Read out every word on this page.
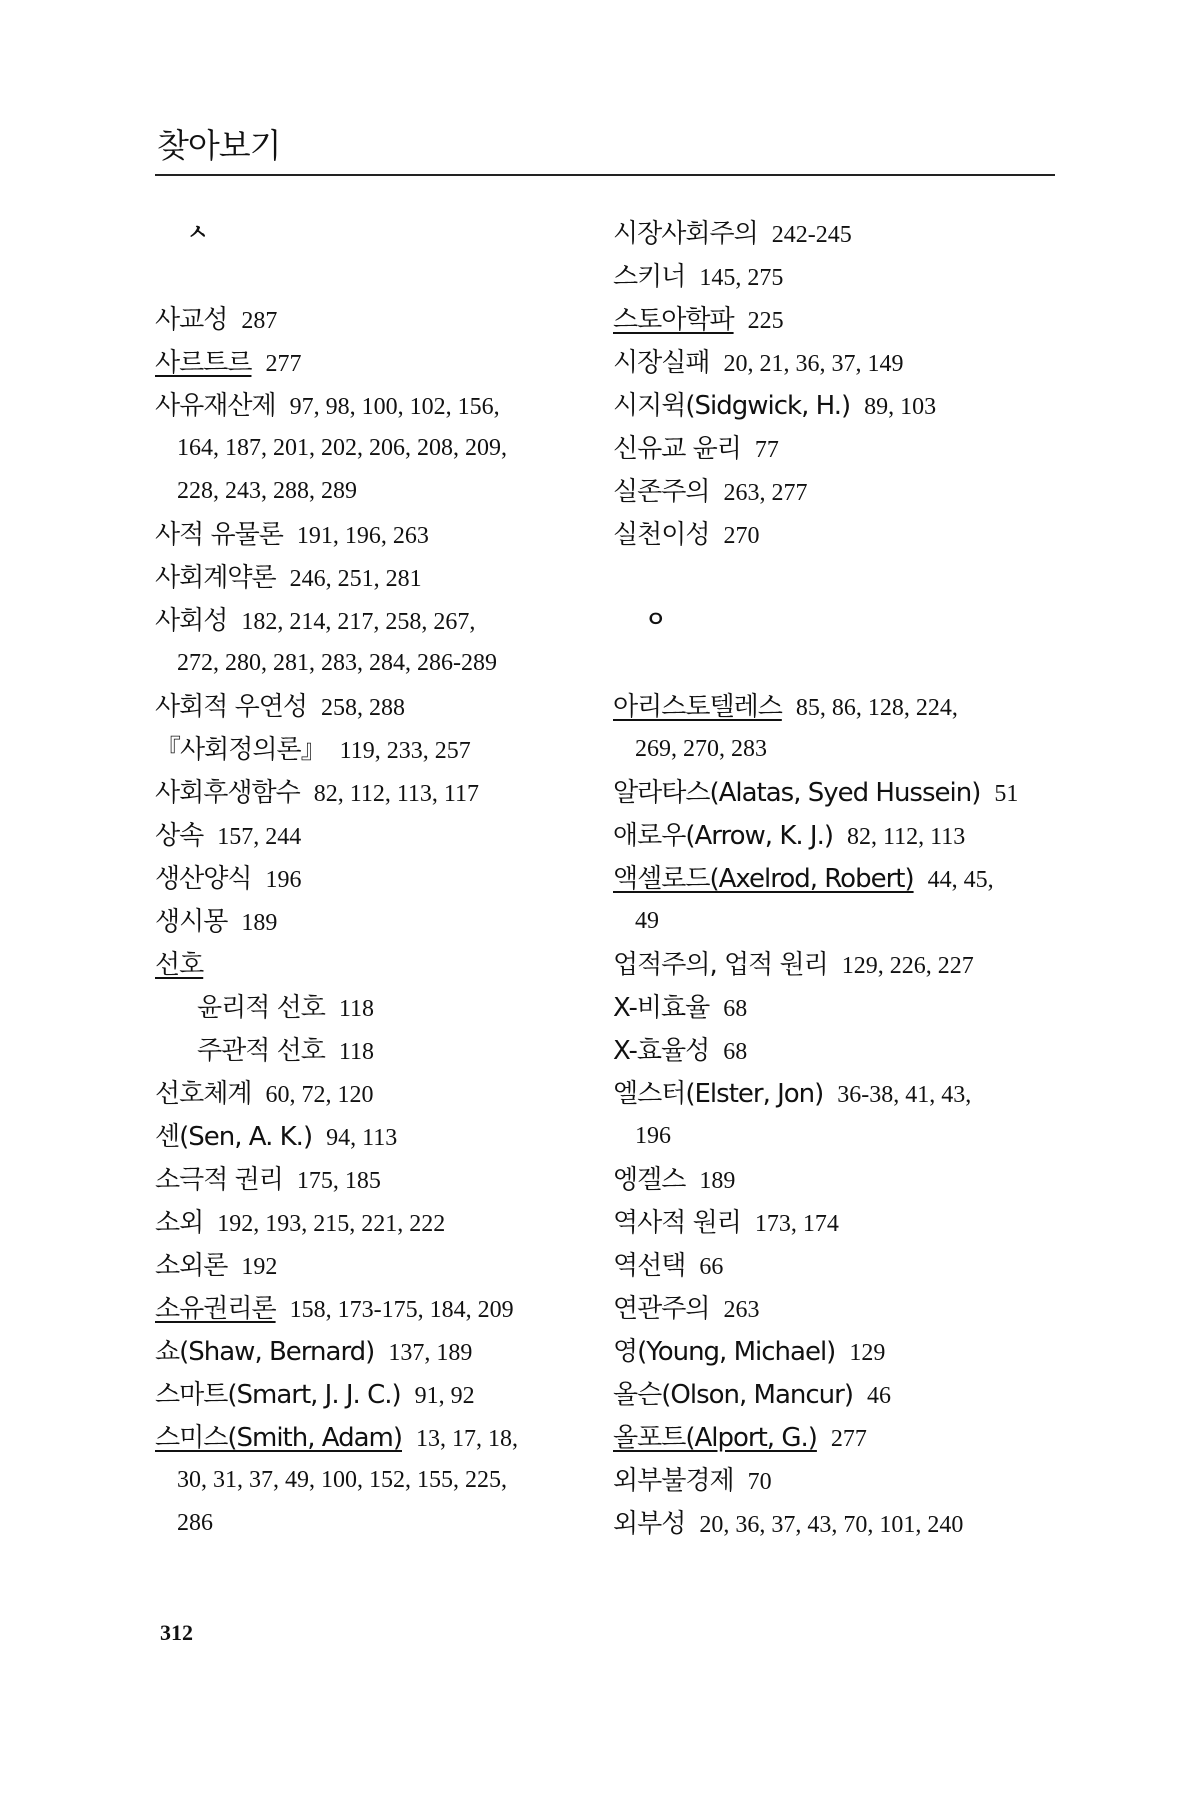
찾아보기
ㅅ
사교성 287
사르트르 277
사유재산제 97, 98, 100, 102, 156,
164, 187, 201, 202, 206, 208, 209,
228, 243, 288, 289
사적 유물론 191, 196, 263
사회계약론 246, 251, 281
사회성 182, 214, 217, 258, 267,
272, 280, 281, 283, 284, 286-289
사회적 우연성 258, 288
『사회정의론』 119, 233, 257
사회후생함수 82, 112, 113, 117
상속 157, 244
생산양식 196
생시몽 189
선호
윤리적 선호 118
주관적 선호 118
선호체계 60, 72, 120
센(Sen, A. K.) 94, 113
소극적 권리 175, 185
소외 192, 193, 215, 221, 222
소외론 192
소유권리론 158, 173-175, 184, 209
쇼(Shaw, Bernard) 137, 189
스마트(Smart, J. J. C.) 91, 92
스미스(Smith, Adam) 13, 17, 18,
30, 31, 37, 49, 100, 152, 155, 225,
286
시장사회주의 242-245
스키너 145, 275
스토아학파 225
시장실패 20, 21, 36, 37, 149
시지윅(Sidgwick, H.) 89, 103
신유교 윤리 77
실존주의 263, 277
실천이성 270
ㅇ
아리스토텔레스 85, 86, 128, 224,
269, 270, 283
알라타스(Alatas, Syed Hussein) 51
애로우(Arrow, K. J.) 82, 112, 113
액셀로드(Axelrod, Robert) 44, 45,
49
업적주의, 업적 원리 129, 226, 227
X-비효율 68
X-효율성 68
엘스터(Elster, Jon) 36-38, 41, 43,
196
엥겔스 189
역사적 원리 173, 174
역선택 66
연관주의 263
영(Young, Michael) 129
올슨(Olson, Mancur) 46
올포트(Alport, G.) 277
외부불경제 70
외부성 20, 36, 37, 43, 70, 101, 240
312
